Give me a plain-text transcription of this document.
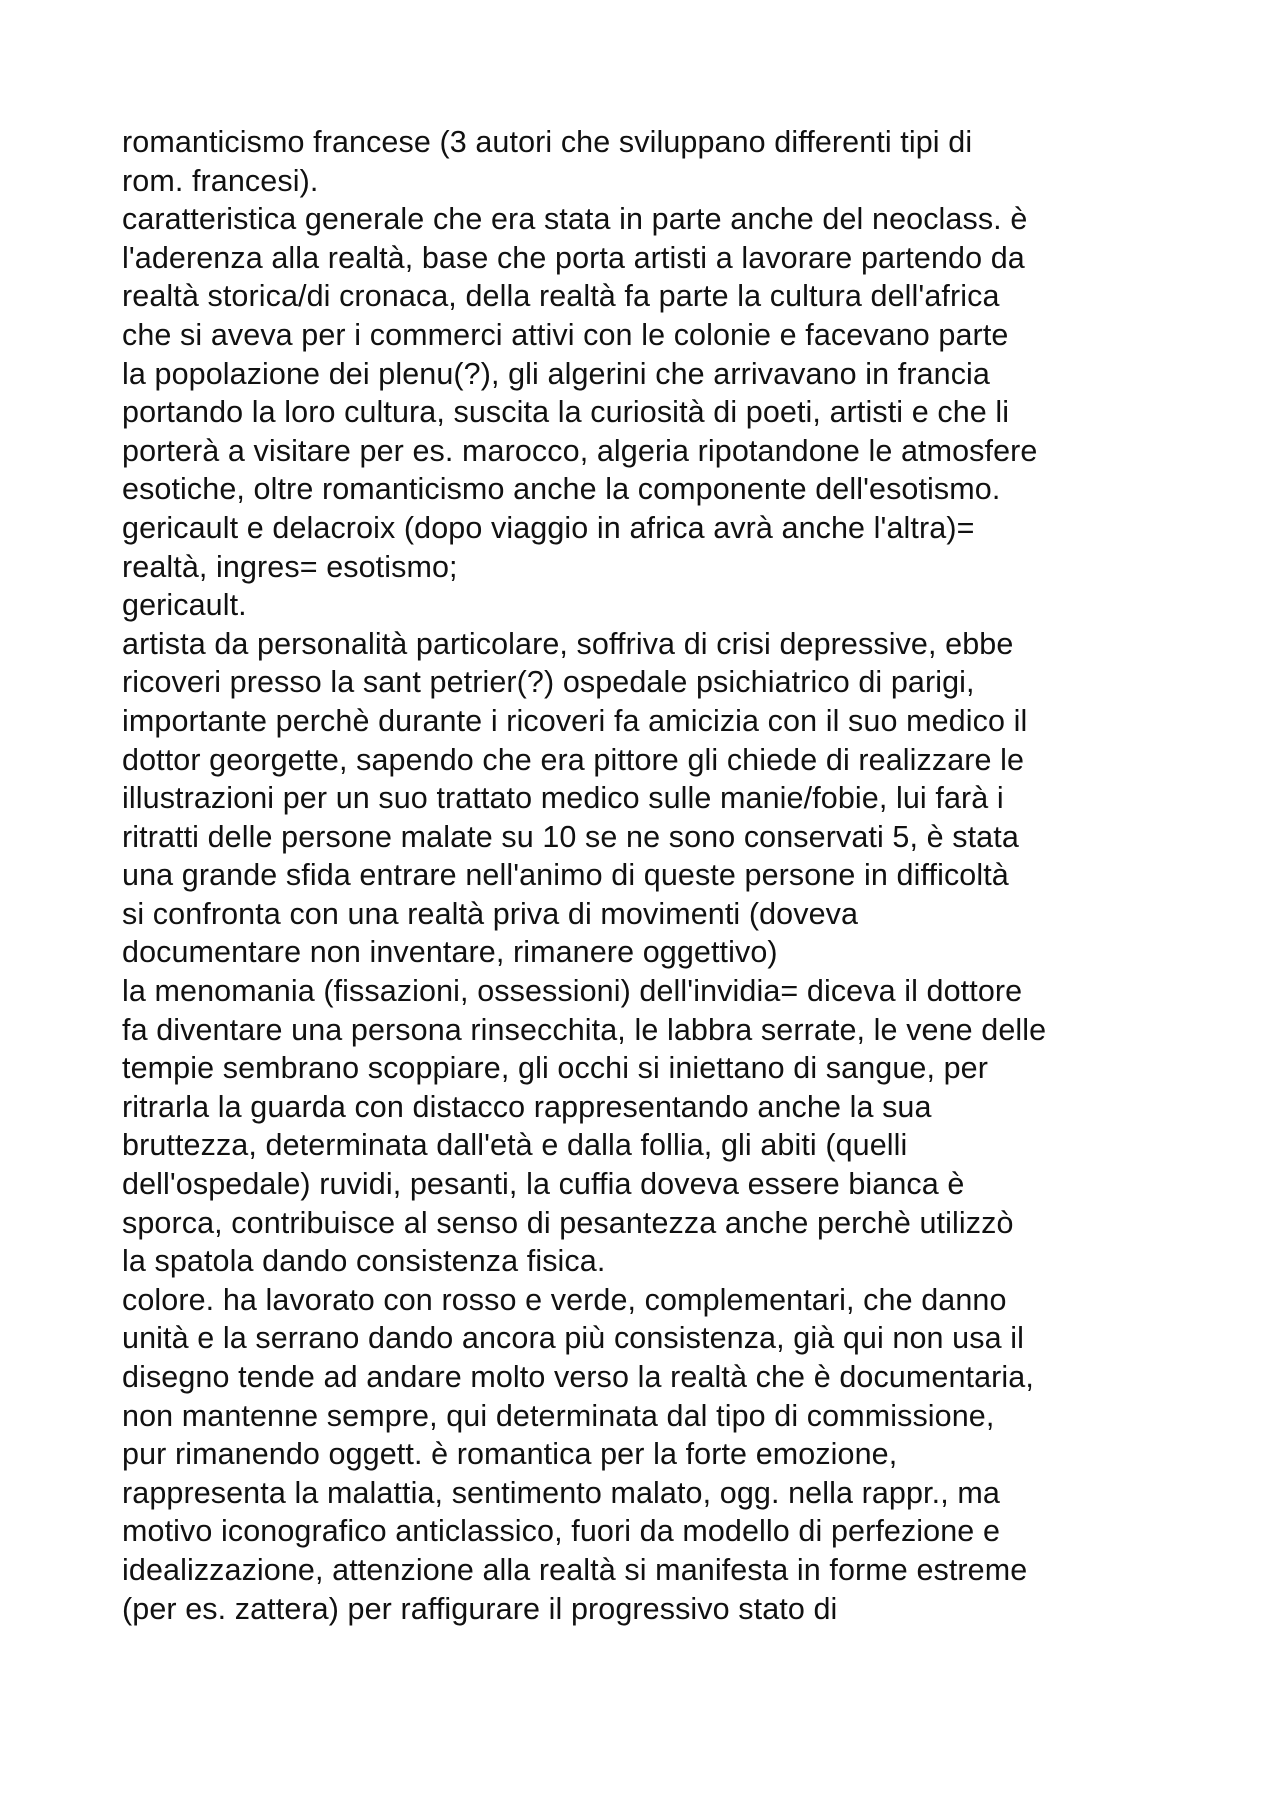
romanticismo francese (3 autori che sviluppano differenti tipi di
rom. francesi).
caratteristica generale che era stata in parte anche del neoclass. è
l'aderenza alla realtà, base che porta artisti a lavorare partendo da
realtà storica/di cronaca, della realtà fa parte la cultura dell'africa
che si aveva per i commerci attivi con le colonie e facevano parte
la popolazione dei plenu(?), gli algerini che arrivavano in francia
portando la loro cultura, suscita la curiosità di poeti, artisti e che li
porterà a visitare per es. marocco, algeria ripotandone le atmosfere
esotiche, oltre romanticismo anche la componente dell'esotismo.
gericault e delacroix (dopo viaggio in africa avrà anche l'altra)=
realtà, ingres= esotismo;
gericault.
artista da personalità particolare, soffriva di crisi depressive, ebbe
ricoveri presso la sant petrier(?) ospedale psichiatrico di parigi,
importante perchè durante i ricoveri fa amicizia con il suo medico il
dottor georgette, sapendo che era pittore gli chiede di realizzare le
illustrazioni per un suo trattato medico sulle manie/fobie, lui farà i
ritratti delle persone malate su 10 se ne sono conservati 5, è stata
una grande sfida entrare nell'animo di queste persone in difficoltà
si confronta con una realtà priva di movimenti (doveva
documentare non inventare, rimanere oggettivo)
la menomania (fissazioni, ossessioni) dell'invidia= diceva il dottore
fa diventare una persona rinsecchita, le labbra serrate, le vene delle
tempie sembrano scoppiare, gli occhi si iniettano di sangue, per
ritrarla la guarda con distacco rappresentando anche la sua
bruttezza, determinata dall'età e dalla follia, gli abiti (quelli
dell'ospedale) ruvidi, pesanti, la cuffia doveva essere bianca è
sporca, contribuisce al senso di pesantezza anche perchè utilizzò
la spatola dando consistenza fisica.
colore. ha lavorato con rosso e verde, complementari, che danno
unità e la serrano dando ancora più consistenza, già qui non usa il
disegno tende ad andare molto verso la realtà che è documentaria,
non mantenne sempre, qui determinata dal tipo di commissione,
pur rimanendo oggett. è romantica per la forte emozione,
rappresenta la malattia, sentimento malato, ogg. nella rappr., ma
motivo iconografico anticlassico, fuori da modello di perfezione e
idealizzazione, attenzione alla realtà si manifesta in forme estreme
(per es. zattera) per raffigurare il progressivo stato di
